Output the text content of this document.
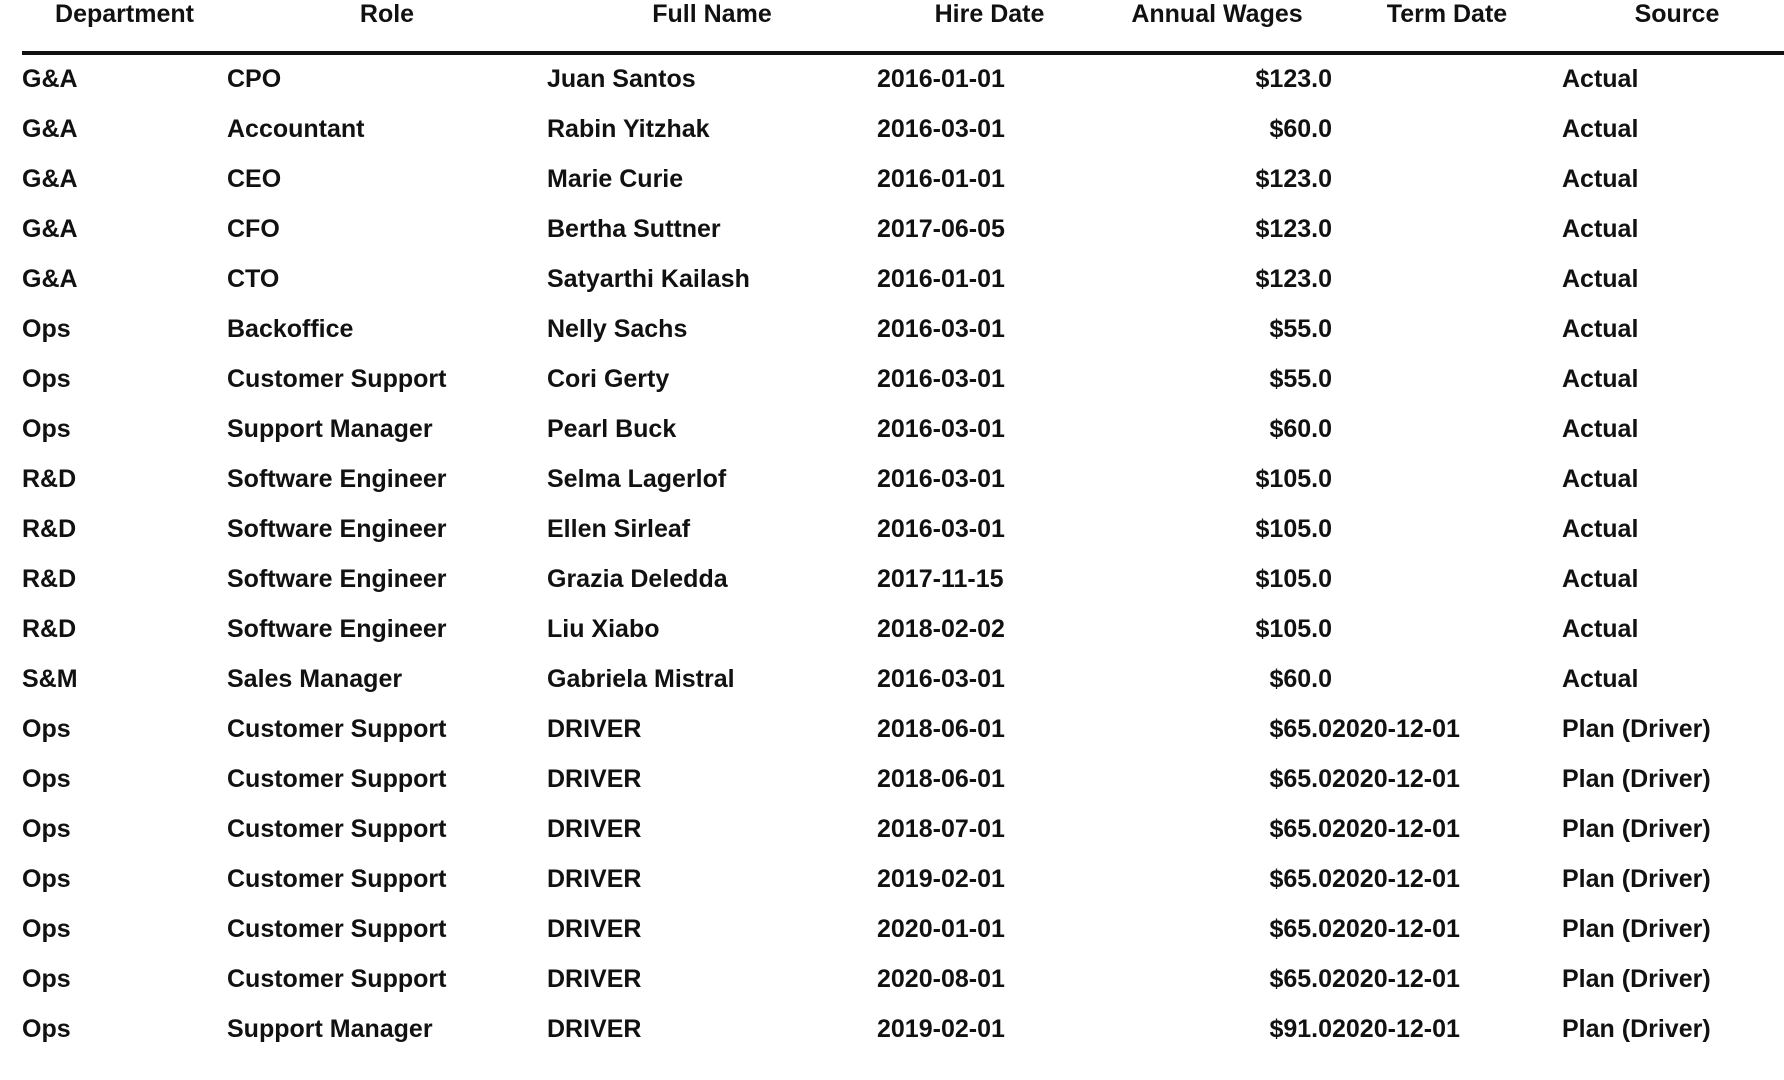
Department	Role	Full Name	Hire Date	Annual Wages	Term Date	Source
G&A	CPO	Juan Santos	2016-01-01	$123.0		Actual
G&A	Accountant	Rabin Yitzhak	2016-03-01	$60.0		Actual
G&A	CEO	Marie Curie	2016-01-01	$123.0		Actual
G&A	CFO	Bertha Suttner	2017-06-05	$123.0		Actual
G&A	CTO	Satyarthi Kailash	2016-01-01	$123.0		Actual
Ops	Backoffice	Nelly Sachs	2016-03-01	$55.0		Actual
Ops	Customer Support	Cori Gerty	2016-03-01	$55.0		Actual
Ops	Support Manager	Pearl Buck	2016-03-01	$60.0		Actual
R&D	Software Engineer	Selma Lagerlof	2016-03-01	$105.0		Actual
R&D	Software Engineer	Ellen Sirleaf	2016-03-01	$105.0		Actual
R&D	Software Engineer	Grazia Deledda	2017-11-15	$105.0		Actual
R&D	Software Engineer	Liu Xiabo	2018-02-02	$105.0		Actual
S&M	Sales Manager	Gabriela Mistral	2016-03-01	$60.0		Actual
Ops	Customer Support	DRIVER	2018-06-01	$65.0	2020-12-01	Plan (Driver)
Ops	Customer Support	DRIVER	2018-06-01	$65.0	2020-12-01	Plan (Driver)
Ops	Customer Support	DRIVER	2018-07-01	$65.0	2020-12-01	Plan (Driver)
Ops	Customer Support	DRIVER	2019-02-01	$65.0	2020-12-01	Plan (Driver)
Ops	Customer Support	DRIVER	2020-01-01	$65.0	2020-12-01	Plan (Driver)
Ops	Customer Support	DRIVER	2020-08-01	$65.0	2020-12-01	Plan (Driver)
Ops	Support Manager	DRIVER	2019-02-01	$91.0	2020-12-01	Plan (Driver)
